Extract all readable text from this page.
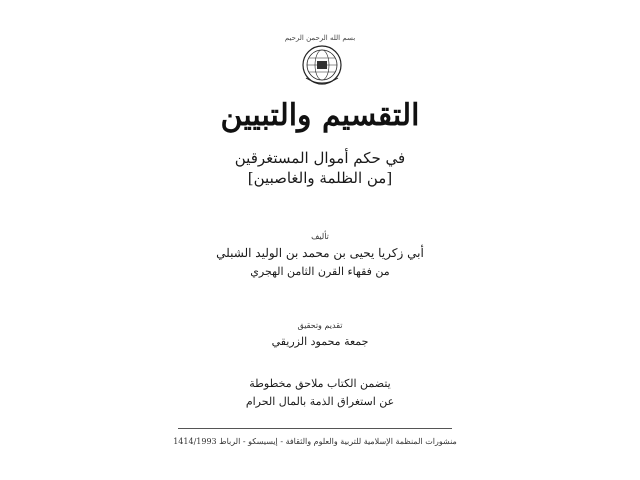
بسم الله الرحمن الرحيم
التقسيم والتبيين
في حكم أموال المستغرقين
[من الظلمة والغاصبين]
تأليف
أبي زكريا يحيى بن محمد بن الوليد الشبلي
من فقهاء القرن الثامن الهجري
تقديم وتحقيق
جمعة محمود الزريقي
يتضمن الكتاب ملاحق مخطوطة
عن استغراق الذمة بالمال الحرام
منشورات المنظمة الإسلامية للتربية والعلوم والثقافة - إيسيسكو - الرباط 1414/1993
